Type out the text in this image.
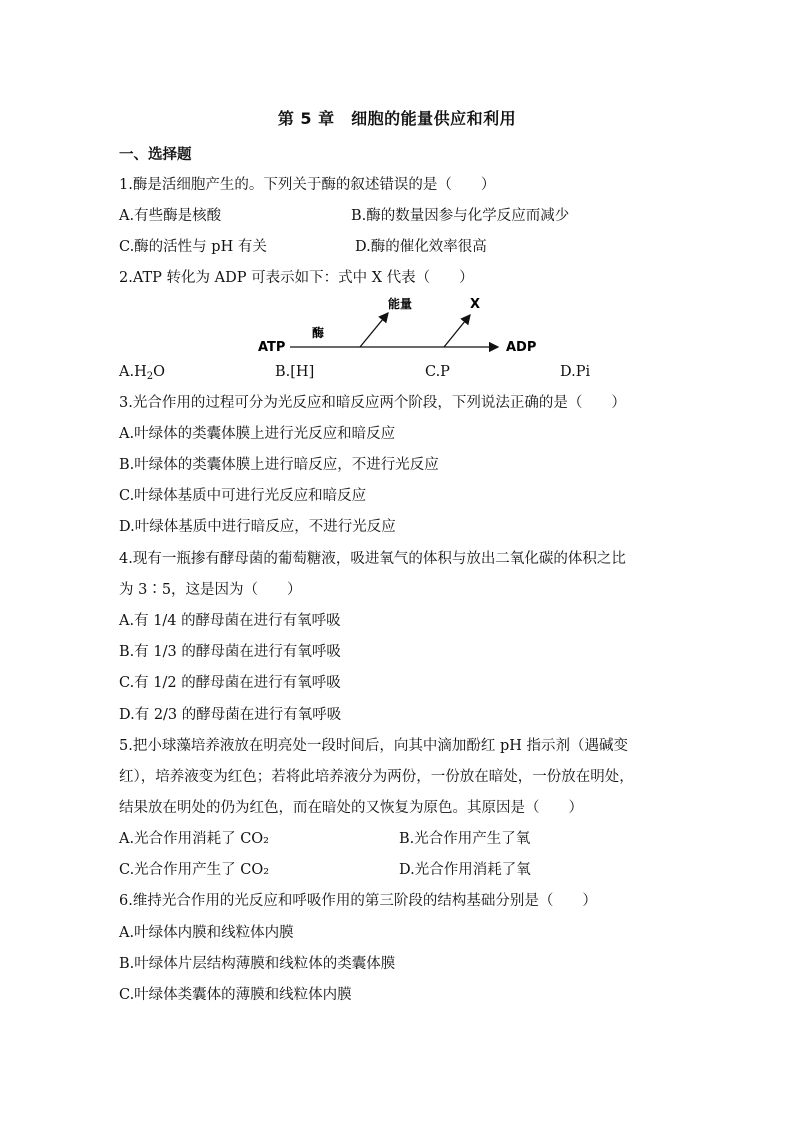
第 5 章　细胞的能量供应和利用
一、选择题
1.酶是活细胞产生的。下列关于酶的叙述错误的是（　　）
A.有些酶是核酸	B.酶的数量因参与化学反应而减少
C.酶的活性与 pH 有关	D.酶的催化效率很高
2.ATP 转化为 ADP 可表示如下：式中 X 代表（　　）
ATP
酶
能量	X
ADP
$A.H_2O$	B.[H]	C.P	D.Pi
3.光合作用的过程可分为光反应和暗反应两个阶段，下列说法正确的是（　　）
A.叶绿体的类囊体膜上进行光反应和暗反应
B.叶绿体的类囊体膜上进行暗反应，不进行光反应
C.叶绿体基质中可进行光反应和暗反应
D.叶绿体基质中进行暗反应，不进行光反应
4.现有一瓶掺有酵母菌的葡萄糖液，吸进氧气的体积与放出二氧化碳的体积之比
为 3∶5，这是因为（　　）
A.有 1/4 的酵母菌在进行有氧呼吸
B.有 1/3 的酵母菌在进行有氧呼吸
C.有 1/2 的酵母菌在进行有氧呼吸
D.有 2/3 的酵母菌在进行有氧呼吸
5.把小球藻培养液放在明亮处一段时间后，向其中滴加酚红 pH 指示剂（遇碱变
红），培养液变为红色；若将此培养液分为两份，一份放在暗处，一份放在明处，
结果放在明处的仍为红色，而在暗处的又恢复为原色。其原因是（　　）
A.光合作用消耗了 CO₂	B.光合作用产生了氧
C.光合作用产生了 CO₂	D.光合作用消耗了氧
6.维持光合作用的光反应和呼吸作用的第三阶段的结构基础分别是（　　）
A.叶绿体内膜和线粒体内膜
B.叶绿体片层结构薄膜和线粒体的类囊体膜
C.叶绿体类囊体的薄膜和线粒体内膜
